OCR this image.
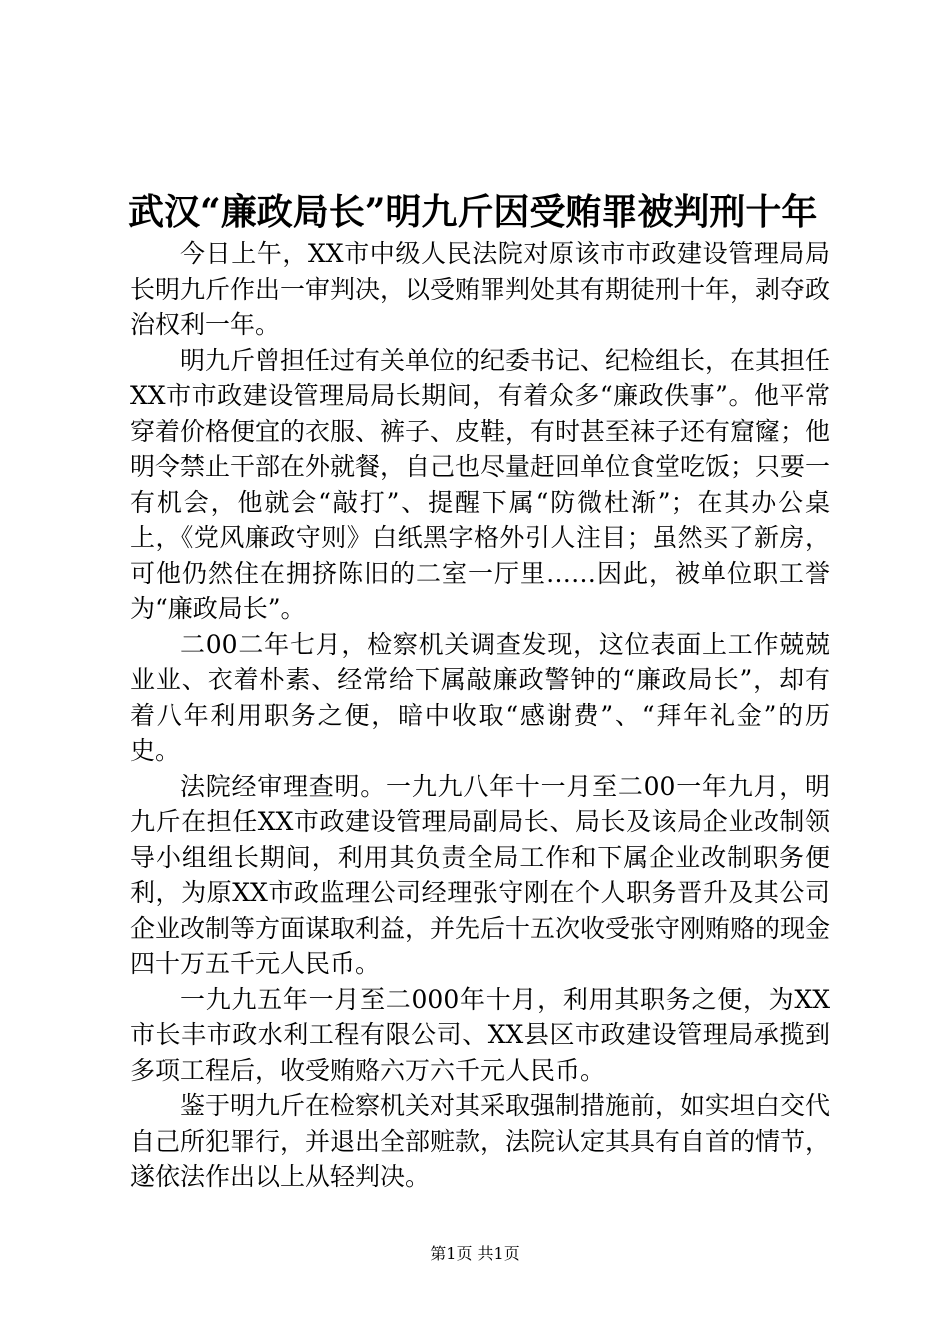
武汉“廉政局长”明九斤因受贿罪被判刑十年

今日上午，XX市中级人民法院对原该市市政建设管理局局长明九斤作出一审判决，以受贿罪判处其有期徒刑十年，剥夺政治权利一年。

明九斤曾担任过有关单位的纪委书记、纪检组长，在其担任XX市市政建设管理局局长期间，有着众多“廉政佚事”。他平常穿着价格便宜的衣服、裤子、皮鞋，有时甚至袜子还有窟窿；他明令禁止干部在外就餐，自己也尽量赶回单位食堂吃饭；只要一有机会，他就会“敲打”、提醒下属“防微杜渐”；在其办公桌上，《党风廉政守则》白纸黑字格外引人注目；虽然买了新房，可他仍然住在拥挤陈旧的二室一厅里……因此，被单位职工誉为“廉政局长”。

二00二年七月，检察机关调查发现，这位表面上工作兢兢业业、衣着朴素、经常给下属敲廉政警钟的“廉政局长”，却有着八年利用职务之便，暗中收取“感谢费”、“拜年礼金”的历史。

法院经审理查明。一九九八年十一月至二00一年九月，明九斤在担任XX市政建设管理局副局长、局长及该局企业改制领导小组组长期间，利用其负责全局工作和下属企业改制职务便利，为原XX市政监理公司经理张守刚在个人职务晋升及其公司企业改制等方面谋取利益，并先后十五次收受张守刚贿赂的现金四十万五千元人民币。

一九九五年一月至二000年十月，利用其职务之便，为XX市长丰市政水利工程有限公司、XX县区市政建设管理局承揽到多项工程后，收受贿赂六万六千元人民币。

鉴于明九斤在检察机关对其采取强制措施前，如实坦白交代自己所犯罪行，并退出全部赃款，法院认定其具有自首的情节，遂依法作出以上从轻判决。

第1页 共1页
